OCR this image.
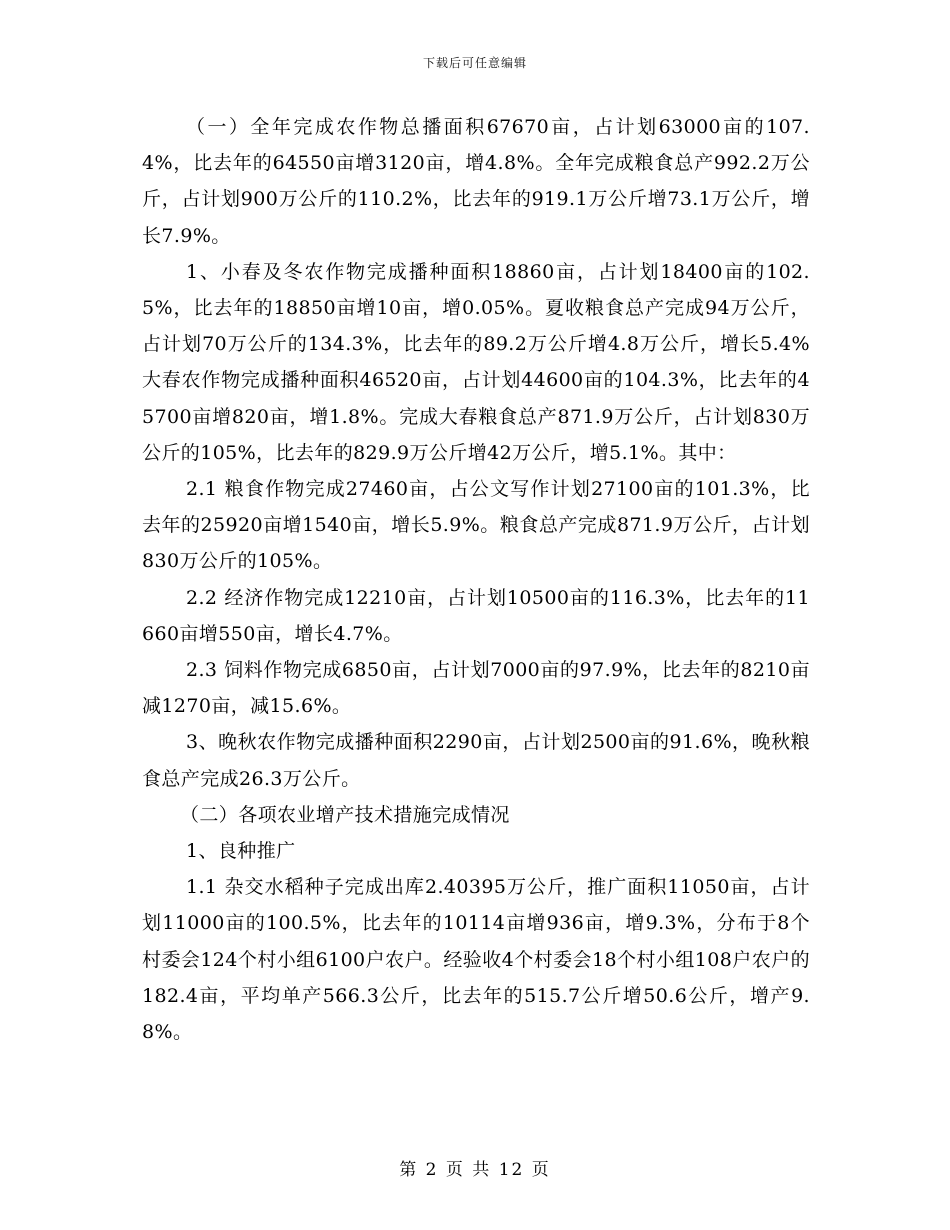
下载后可任意编辑

（一）全年完成农作物总播面积67670亩，占计划63000亩的107.4%，比去年的64550亩增3120亩，增4.8%。全年完成粮食总产992.2万公斤，占计划900万公斤的110.2%，比去年的919.1万公斤增73.1万公斤，增长7.9%。

1、小春及冬农作物完成播种面积18860亩，占计划18400亩的102.5%，比去年的18850亩增10亩，增0.05%。夏收粮食总产完成94万公斤，占计划70万公斤的134.3%，比去年的89.2万公斤增4.8万公斤，增长5.4%大春农作物完成播种面积46520亩，占计划44600亩的104.3%，比去年的45700亩增820亩，增1.8%。完成大春粮食总产871.9万公斤，占计划830万公斤的105%，比去年的829.9万公斤增42万公斤，增5.1%。其中：

2.1 粮食作物完成27460亩，占公文写作计划27100亩的101.3%，比去年的25920亩增1540亩，增长5.9%。粮食总产完成871.9万公斤，占计划830万公斤的105%。

2.2 经济作物完成12210亩，占计划10500亩的116.3%，比去年的11660亩增550亩，增长4.7%。

2.3 饲料作物完成6850亩，占计划7000亩的97.9%，比去年的8210亩减1270亩，减15.6%。

3、晚秋农作物完成播种面积2290亩，占计划2500亩的91.6%，晚秋粮食总产完成26.3万公斤。

（二）各项农业增产技术措施完成情况

1、良种推广

1.1 杂交水稻种子完成出库2.40395万公斤，推广面积11050亩，占计划11000亩的100.5%，比去年的10114亩增936亩，增9.3%，分布于8个村委会124个村小组6100户农户。经验收4个村委会18个村小组108户农户的182.4亩，平均单产566.3公斤，比去年的515.7公斤增50.6公斤，增产9.8%。

第 2 页 共 12 页
